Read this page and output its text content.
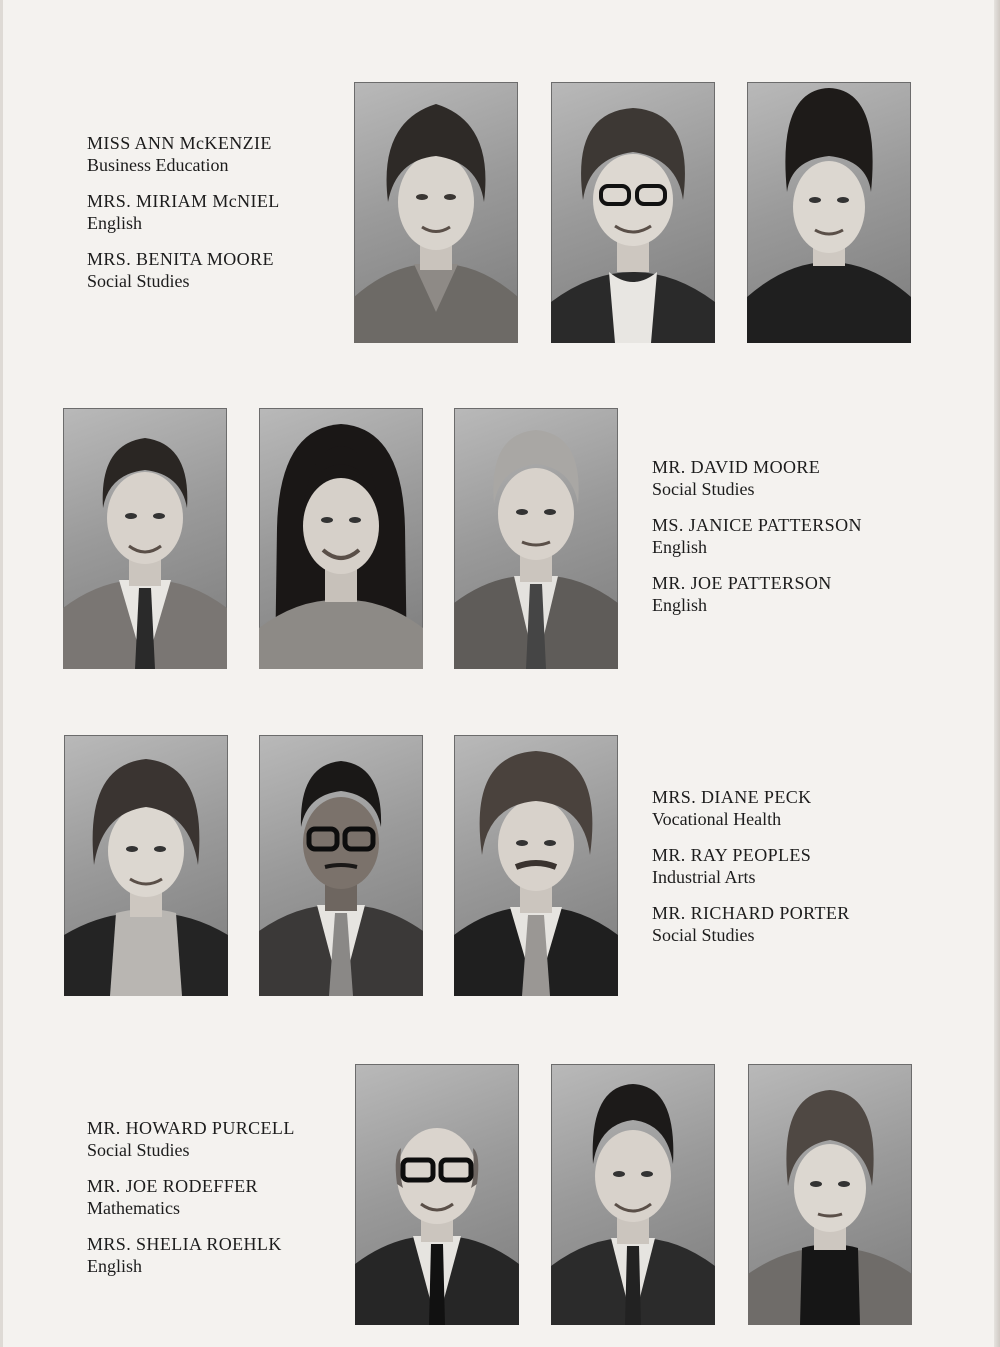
MISS ANN McKENZIE
Business Education
MRS. MIRIAM McNIEL
English
MRS. BENITA MOORE
Social Studies
MR. DAVID MOORE
Social Studies
MS. JANICE PATTERSON
English
MR. JOE PATTERSON
English
MRS. DIANE PECK
Vocational Health
MR. RAY PEOPLES
Industrial Arts
MR. RICHARD PORTER
Social Studies
MR. HOWARD PURCELL
Social Studies
MR. JOE RODEFFER
Mathematics
MRS. SHELIA ROEHLK
English
